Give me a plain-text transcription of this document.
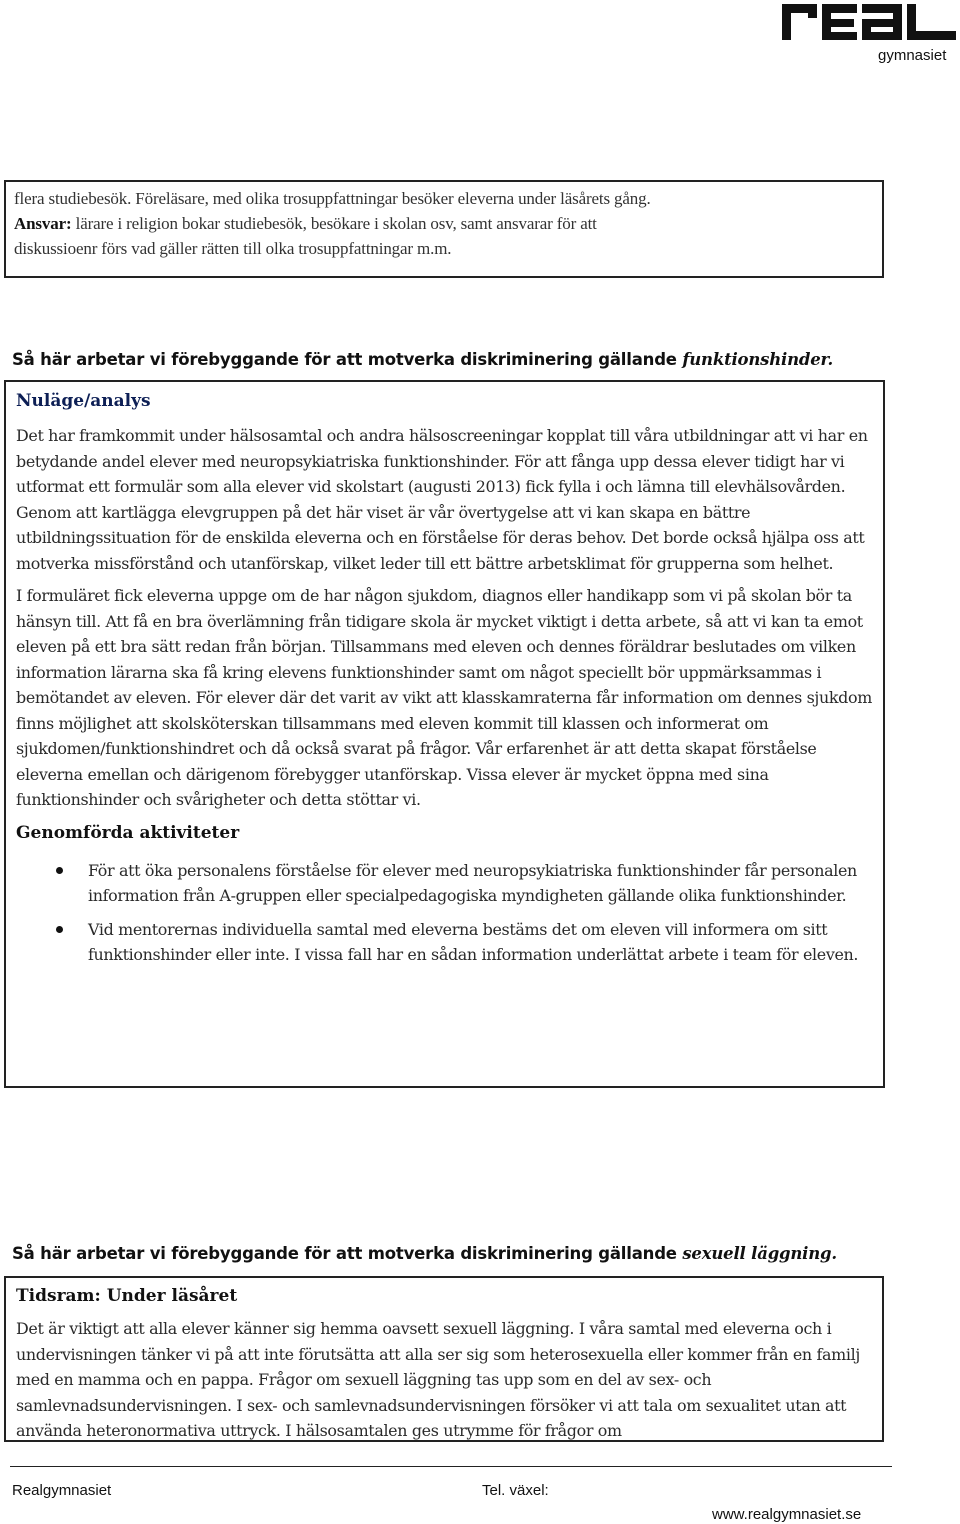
gymnasiet

flera studiebesök. Föreläsare, med olika trosuppfattningar besöker eleverna under läsårets gång.

Ansvar: lärare i religion bokar studiebesök, besökare i skolan osv, samt ansvarar för att

diskussioenr förs vad gäller rätten till olka trosuppfattningar m.m.

Så här arbetar vi förebyggande för att motverka diskriminering gällande funktionshinder.
Nuläge/analys

Det har framkommit under hälsosamtal och andra hälsoscreeningar kopplat till våra utbildningar att vi har en betydande andel elever med neuropsykiatriska funktionshinder. För att fånga upp dessa elever tidigt har vi utformat ett formulär som alla elever vid skolstart (augusti 2013) fick fylla i och lämna till elevhälsovården. Genom att kartlägga elevgruppen på det här viset är vår övertygelse att vi kan skapa en bättre utbildningssituation för de enskilda eleverna och en förståelse för deras behov. Det borde också hjälpa oss att motverka missförstånd och utanförskap, vilket leder till ett bättre arbetsklimat för grupperna som helhet.

I formuläret fick eleverna uppge om de har någon sjukdom, diagnos eller handikapp som vi på skolan bör ta hänsyn till. Att få en bra överlämning från tidigare skola är mycket viktigt i detta arbete, så att vi kan ta emot eleven på ett bra sätt redan från början. Tillsammans med eleven och dennes föräldrar beslutades om vilken information lärarna ska få kring elevens funktionshinder samt om något speciellt bör uppmärksammas i bemötandet av eleven. För elever där det varit av vikt att klasskamraterna får information om dennes sjukdom finns möjlighet att skolsköterskan tillsammans med eleven kommit till klassen och informerat om sjukdomen/funktionshindret och då också svarat på frågor. Vår erfarenhet är att detta skapat förståelse eleverna emellan och därigenom förebygger utanförskap. Vissa elever är mycket öppna med sina funktionshinder och svårigheter och detta stöttar vi.

Genomförda aktiviteter

För att öka personalens förståelse för elever med neuropsykiatriska funktionshinder får personalen information från A-gruppen eller specialpedagogiska myndigheten gällande olika funktionshinder.

Vid mentorernas individuella samtal med eleverna bestäms det om eleven vill informera om sitt funktionshinder eller inte. I vissa fall har en sådan information underlättat arbete i team för eleven.

Så här arbetar vi förebyggande för att motverka diskriminering gällande sexuell läggning.
Tidsram: Under läsåret

Det är viktigt att alla elever känner sig hemma oavsett sexuell läggning. I våra samtal med eleverna och i undervisningen tänker vi på att inte förutsätta att alla ser sig som heterosexuella eller kommer från en familj med en mamma och en pappa. Frågor om sexuell läggning tas upp som en del av sex- och samlevnadsundervisningen. I sex- och samlevnadsundervisningen försöker vi att tala om sexualitet utan att använda heteronormativa uttryck. I hälsosamtalen ges utrymme för frågor om

Realgymnasiet	Tel. växel:
www.realgymnasiet.se
